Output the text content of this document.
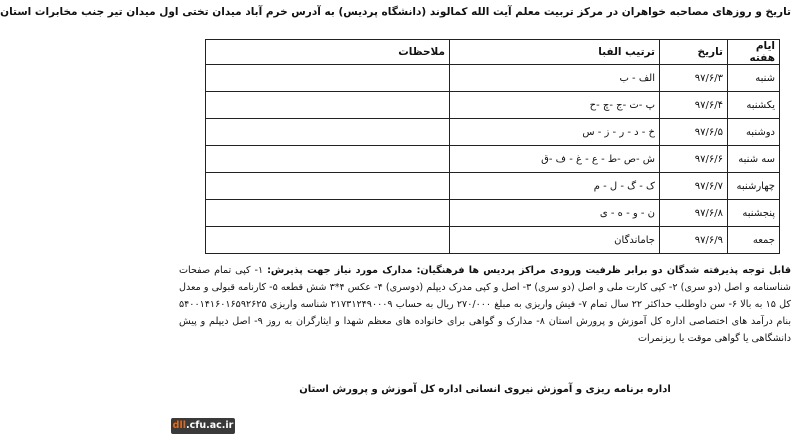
تاریخ و روزهای مصاحبه خواهران در مرکز تربیت معلم آیت الله کمالوند (دانشگاه پردیس) به آدرس خرم آباد میدان تختی اول میدان تیر جنب مخابرات استان
ایام هفته	تاریخ	ترتیب الفبا	ملاحظات
شنبه	۹۷/۶/۳	الف - ب	
یکشنبه	۹۷/۶/۴	پ -ت -ج -چ -ح	
دوشنبه	۹۷/۶/۵	خ - د - ر - ز - س	
سه شنبه	۹۷/۶/۶	ش -ص -ط - ع - غ - ف -ق	
چهارشنبه	۹۷/۶/۷	ک - گ - ل - م	
پنجشنبه	۹۷/۶/۸	ن - و - ه - ی	
جمعه	۹۷/۶/۹	جاماندگان	
قابل توجه پذیرفته شدگان دو برابر ظرفیت ورودی مراکز پردیس ها فرهنگیان: مدارک مورد نیاز جهت پذیرش: ۱- کپی تمام صفحات شناسنامه و اصل (دو سری) ۲- کپی کارت ملی و اصل (دو سری) ۳- اصل و کپی مدرک دیپلم (دوسری) ۴- عکس ۴*۳ شش قطعه ۵- کارنامه قبولی و معدل کل ۱۵ به بالا ۶- سن داوطلب حداکثر ۲۲ سال تمام ۷- فیش واریزی به مبلغ ۲۷۰/۰۰۰ ریال به حساب ۲۱۷۳۱۲۴۹۰۰۰۹ شناسه واریزی ۵۴۰۰۱۴۱۶۰۱۶۵۹۲۶۲۵ بنام درآمد های اختصاصی اداره کل آموزش و پرورش استان ۸- مدارک و گواهی برای خانواده های معظم شهدا و ایثارگران به روز ۹- اصل دیپلم و پیش دانشگاهی یا گواهی موقت یا ریزنمرات
اداره برنامه ریزی و آموزش نیروی انسانی اداره کل آموزش و پرورش استان
dll.cfu.ac.ir
